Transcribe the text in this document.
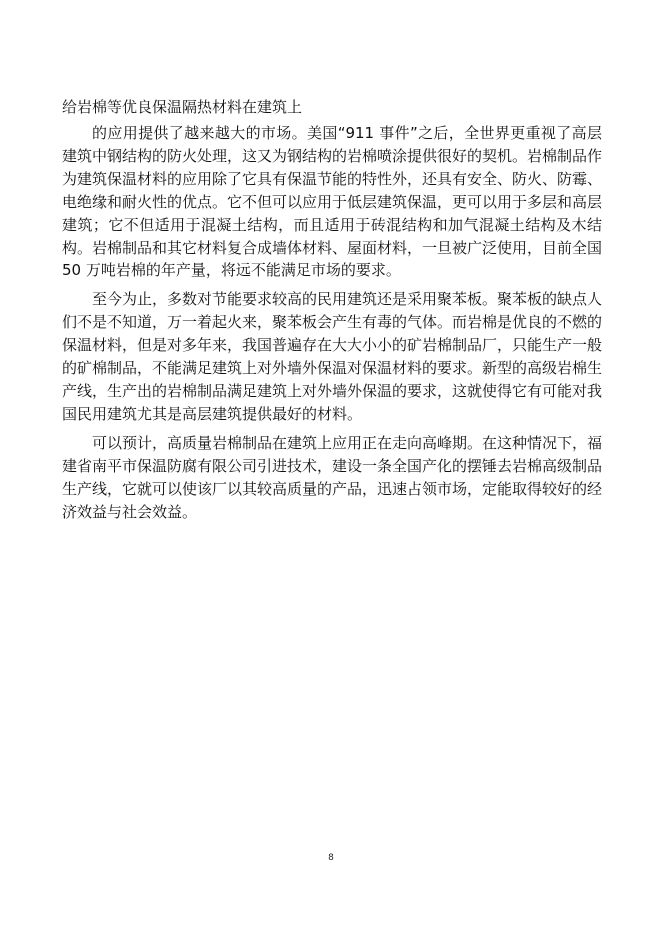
给岩棉等优良保温隔热材料在建筑上

的应用提供了越来越大的市场。美国“911 事件”之后，全世界更重视了高层建筑中钢结构的防火处理，这又为钢结构的岩棉喷涂提供很好的契机。岩棉制品作为建筑保温材料的应用除了它具有保温节能的特性外，还具有安全、防火、防霉、电绝缘和耐火性的优点。它不但可以应用于低层建筑保温，更可以用于多层和高层建筑；它不但适用于混凝土结构，而且适用于砖混结构和加气混凝土结构及木结构。岩棉制品和其它材料复合成墙体材料、屋面材料，一旦被广泛使用，目前全国 50 万吨岩棉的年产量，将远不能满足市场的要求。

至今为止，多数对节能要求较高的民用建筑还是采用聚苯板。聚苯板的缺点人们不是不知道，万一着起火来，聚苯板会产生有毒的气体。而岩棉是优良的不燃的保温材料，但是对多年来，我国普遍存在大大小小的矿岩棉制品厂，只能生产一般的矿棉制品，不能满足建筑上对外墙外保温对保温材料的要求。新型的高级岩棉生产线，生产出的岩棉制品满足建筑上对外墙外保温的要求，这就使得它有可能对我国民用建筑尤其是高层建筑提供最好的材料。

可以预计，高质量岩棉制品在建筑上应用正在走向高峰期。在这种情况下，福建省南平市保温防腐有限公司引进技术，建设一条全国产化的摆锤去岩棉高级制品生产线，它就可以使该厂以其较高质量的产品，迅速占领市场，定能取得较好的经济效益与社会效益。

8
